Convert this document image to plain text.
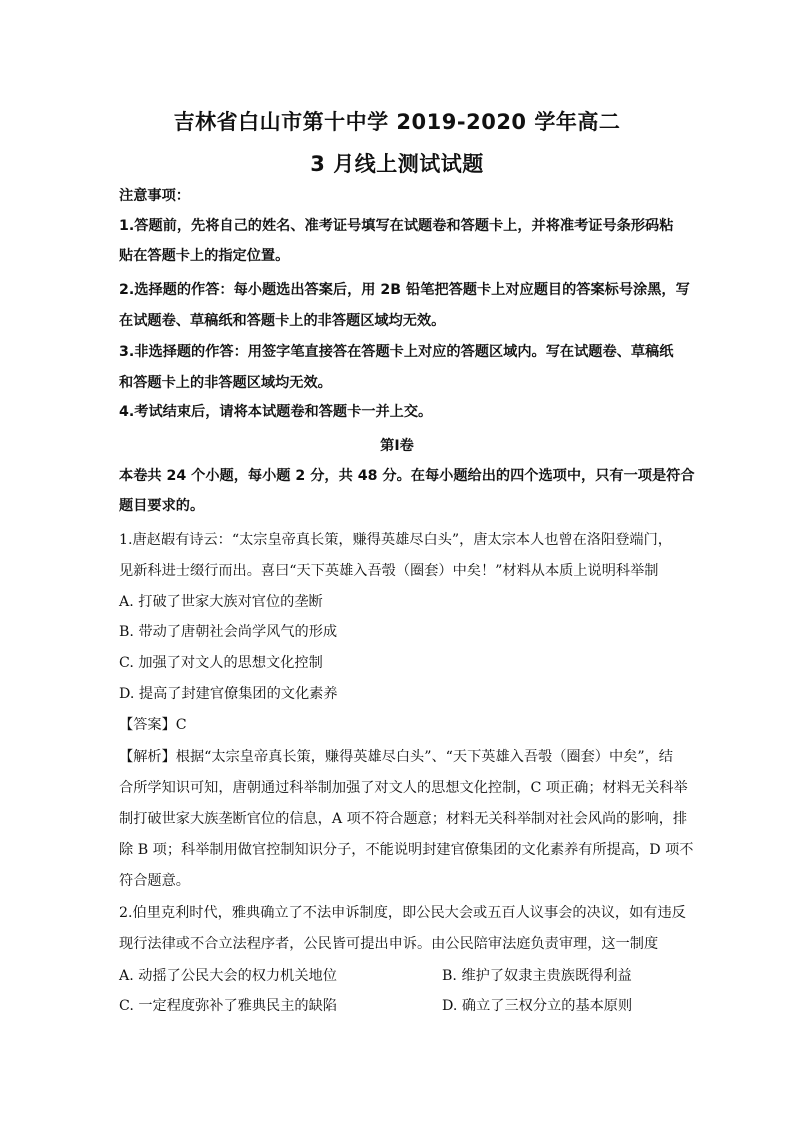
吉林省白山市第十中学 2019-2020 学年高二
3 月线上测试试题
注意事项：
1.答题前，先将自己的姓名、准考证号填写在试题卷和答题卡上，并将准考证号条形码粘
贴在答题卡上的指定位置。
2.选择题的作答：每小题选出答案后，用 2B 铅笔把答题卡上对应题目的答案标号涂黑，写
在试题卷、草稿纸和答题卡上的非答题区域均无效。
3.非选择题的作答：用签字笔直接答在答题卡上对应的答题区域内。写在试题卷、草稿纸
和答题卡上的非答题区域均无效。
4.考试结束后，请将本试题卷和答题卡一并上交。
第Ⅰ卷
本卷共 24 个小题，每小题 2 分，共 48 分。在每小题给出的四个选项中，只有一项是符合
题目要求的。
1.唐赵嘏有诗云：“太宗皇帝真长策，赚得英雄尽白头”，唐太宗本人也曾在洛阳登端门，
见新科进士缀行而出。喜曰“天下英雄入吾彀（圈套）中矣！”材料从本质上说明科举制
A. 打破了世家大族对官位的垄断
B. 带动了唐朝社会尚学风气的形成
C. 加强了对文人的思想文化控制
D. 提高了封建官僚集团的文化素养
【答案】C
【解析】根据“太宗皇帝真长策，赚得英雄尽白头”、“天下英雄入吾彀（圈套）中矣”，结
合所学知识可知，唐朝通过科举制加强了对文人的思想文化控制，C 项正确；材料无关科举
制打破世家大族垄断官位的信息，A 项不符合题意；材料无关科举制对社会风尚的影响，排
除 B 项；科举制用做官控制知识分子，不能说明封建官僚集团的文化素养有所提高，D 项不
符合题意。
2.伯里克利时代，雅典确立了不法申诉制度，即公民大会或五百人议事会的决议，如有违反
现行法律或不合立法程序者，公民皆可提出申诉。由公民陪审法庭负责审理，这一制度
A. 动摇了公民大会的权力机关地位	B. 维护了奴隶主贵族既得利益
C. 一定程度弥补了雅典民主的缺陷	D. 确立了三权分立的基本原则
